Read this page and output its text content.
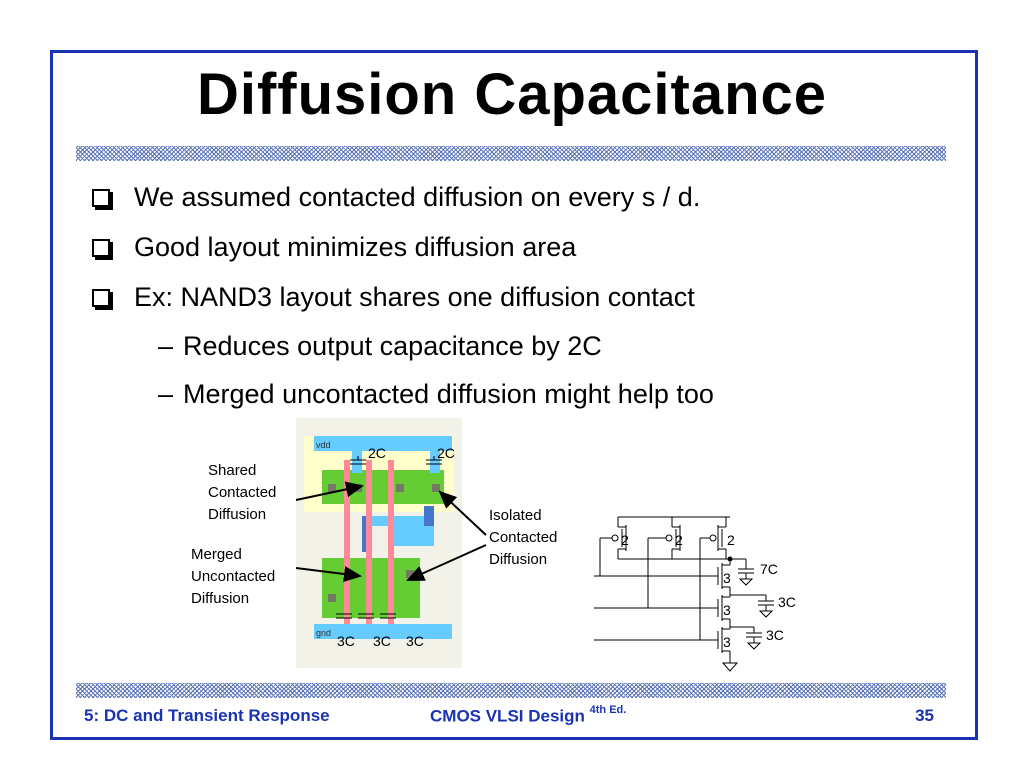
Diffusion Capacitance
We assumed contacted diffusion on every s / d.
Good layout minimizes diffusion area
Ex: NAND3 layout shares one diffusion contact
– Reduces output capacitance by 2C
– Merged uncontacted diffusion might help too
vdd
gnd
2C	2C
3C 3C 3C
Shared
Contacted
Diffusion
Merged
Uncontacted
Diffusion
Isolated
Contacted
Diffusion
2	2	2
3
3
3
7C
3C
3C
5: DC and Transient Response	CMOS VLSI Design $^{4th Ed.}$	35
